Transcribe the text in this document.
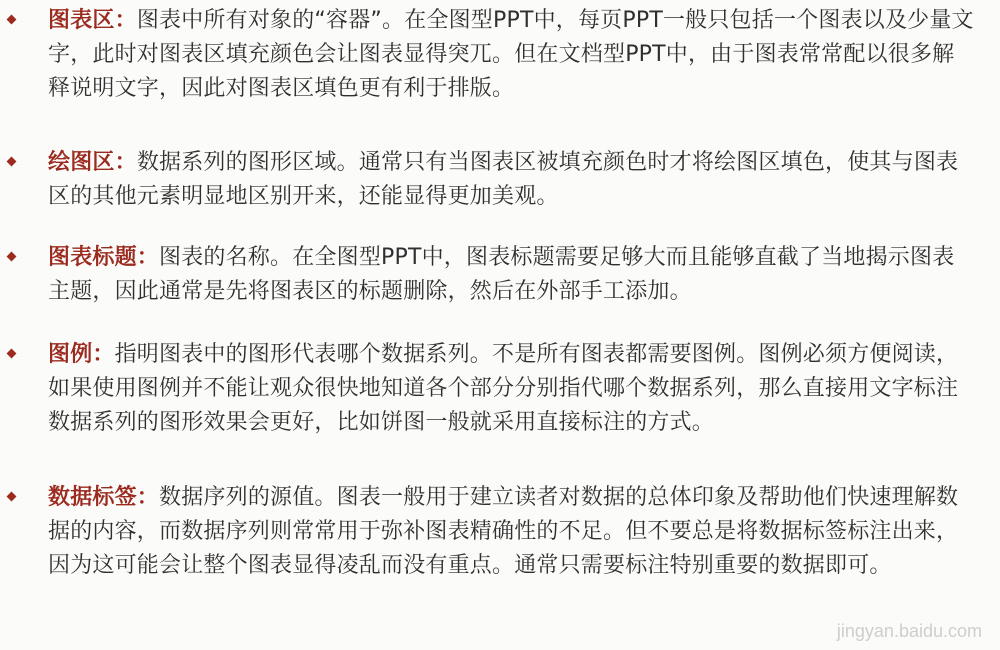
图表区：图表中所有对象的“容器”。在全图型PPT中，每页PPT一般只包括一个图表以及少量文字，此时对图表区填充颜色会让图表显得突兀。但在文档型PPT中，由于图表常常配以很多解释说明文字，因此对图表区填色更有利于排版。
绘图区：数据系列的图形区域。通常只有当图表区被填充颜色时才将绘图区填色，使其与图表区的其他元素明显地区别开来，还能显得更加美观。
图表标题：图表的名称。在全图型PPT中，图表标题需要足够大而且能够直截了当地揭示图表主题，因此通常是先将图表区的标题删除，然后在外部手工添加。
图例：指明图表中的图形代表哪个数据系列。不是所有图表都需要图例。图例必须方便阅读，如果使用图例并不能让观众很快地知道各个部分分别指代哪个数据系列，那么直接用文字标注数据系列的图形效果会更好，比如饼图一般就采用直接标注的方式。
数据标签：数据序列的源值。图表一般用于建立读者对数据的总体印象及帮助他们快速理解数据的内容，而数据序列则常常用于弥补图表精确性的不足。但不要总是将数据标签标注出来，因为这可能会让整个图表显得凌乱而没有重点。通常只需要标注特别重要的数据即可。
jingyan.baidu.com
